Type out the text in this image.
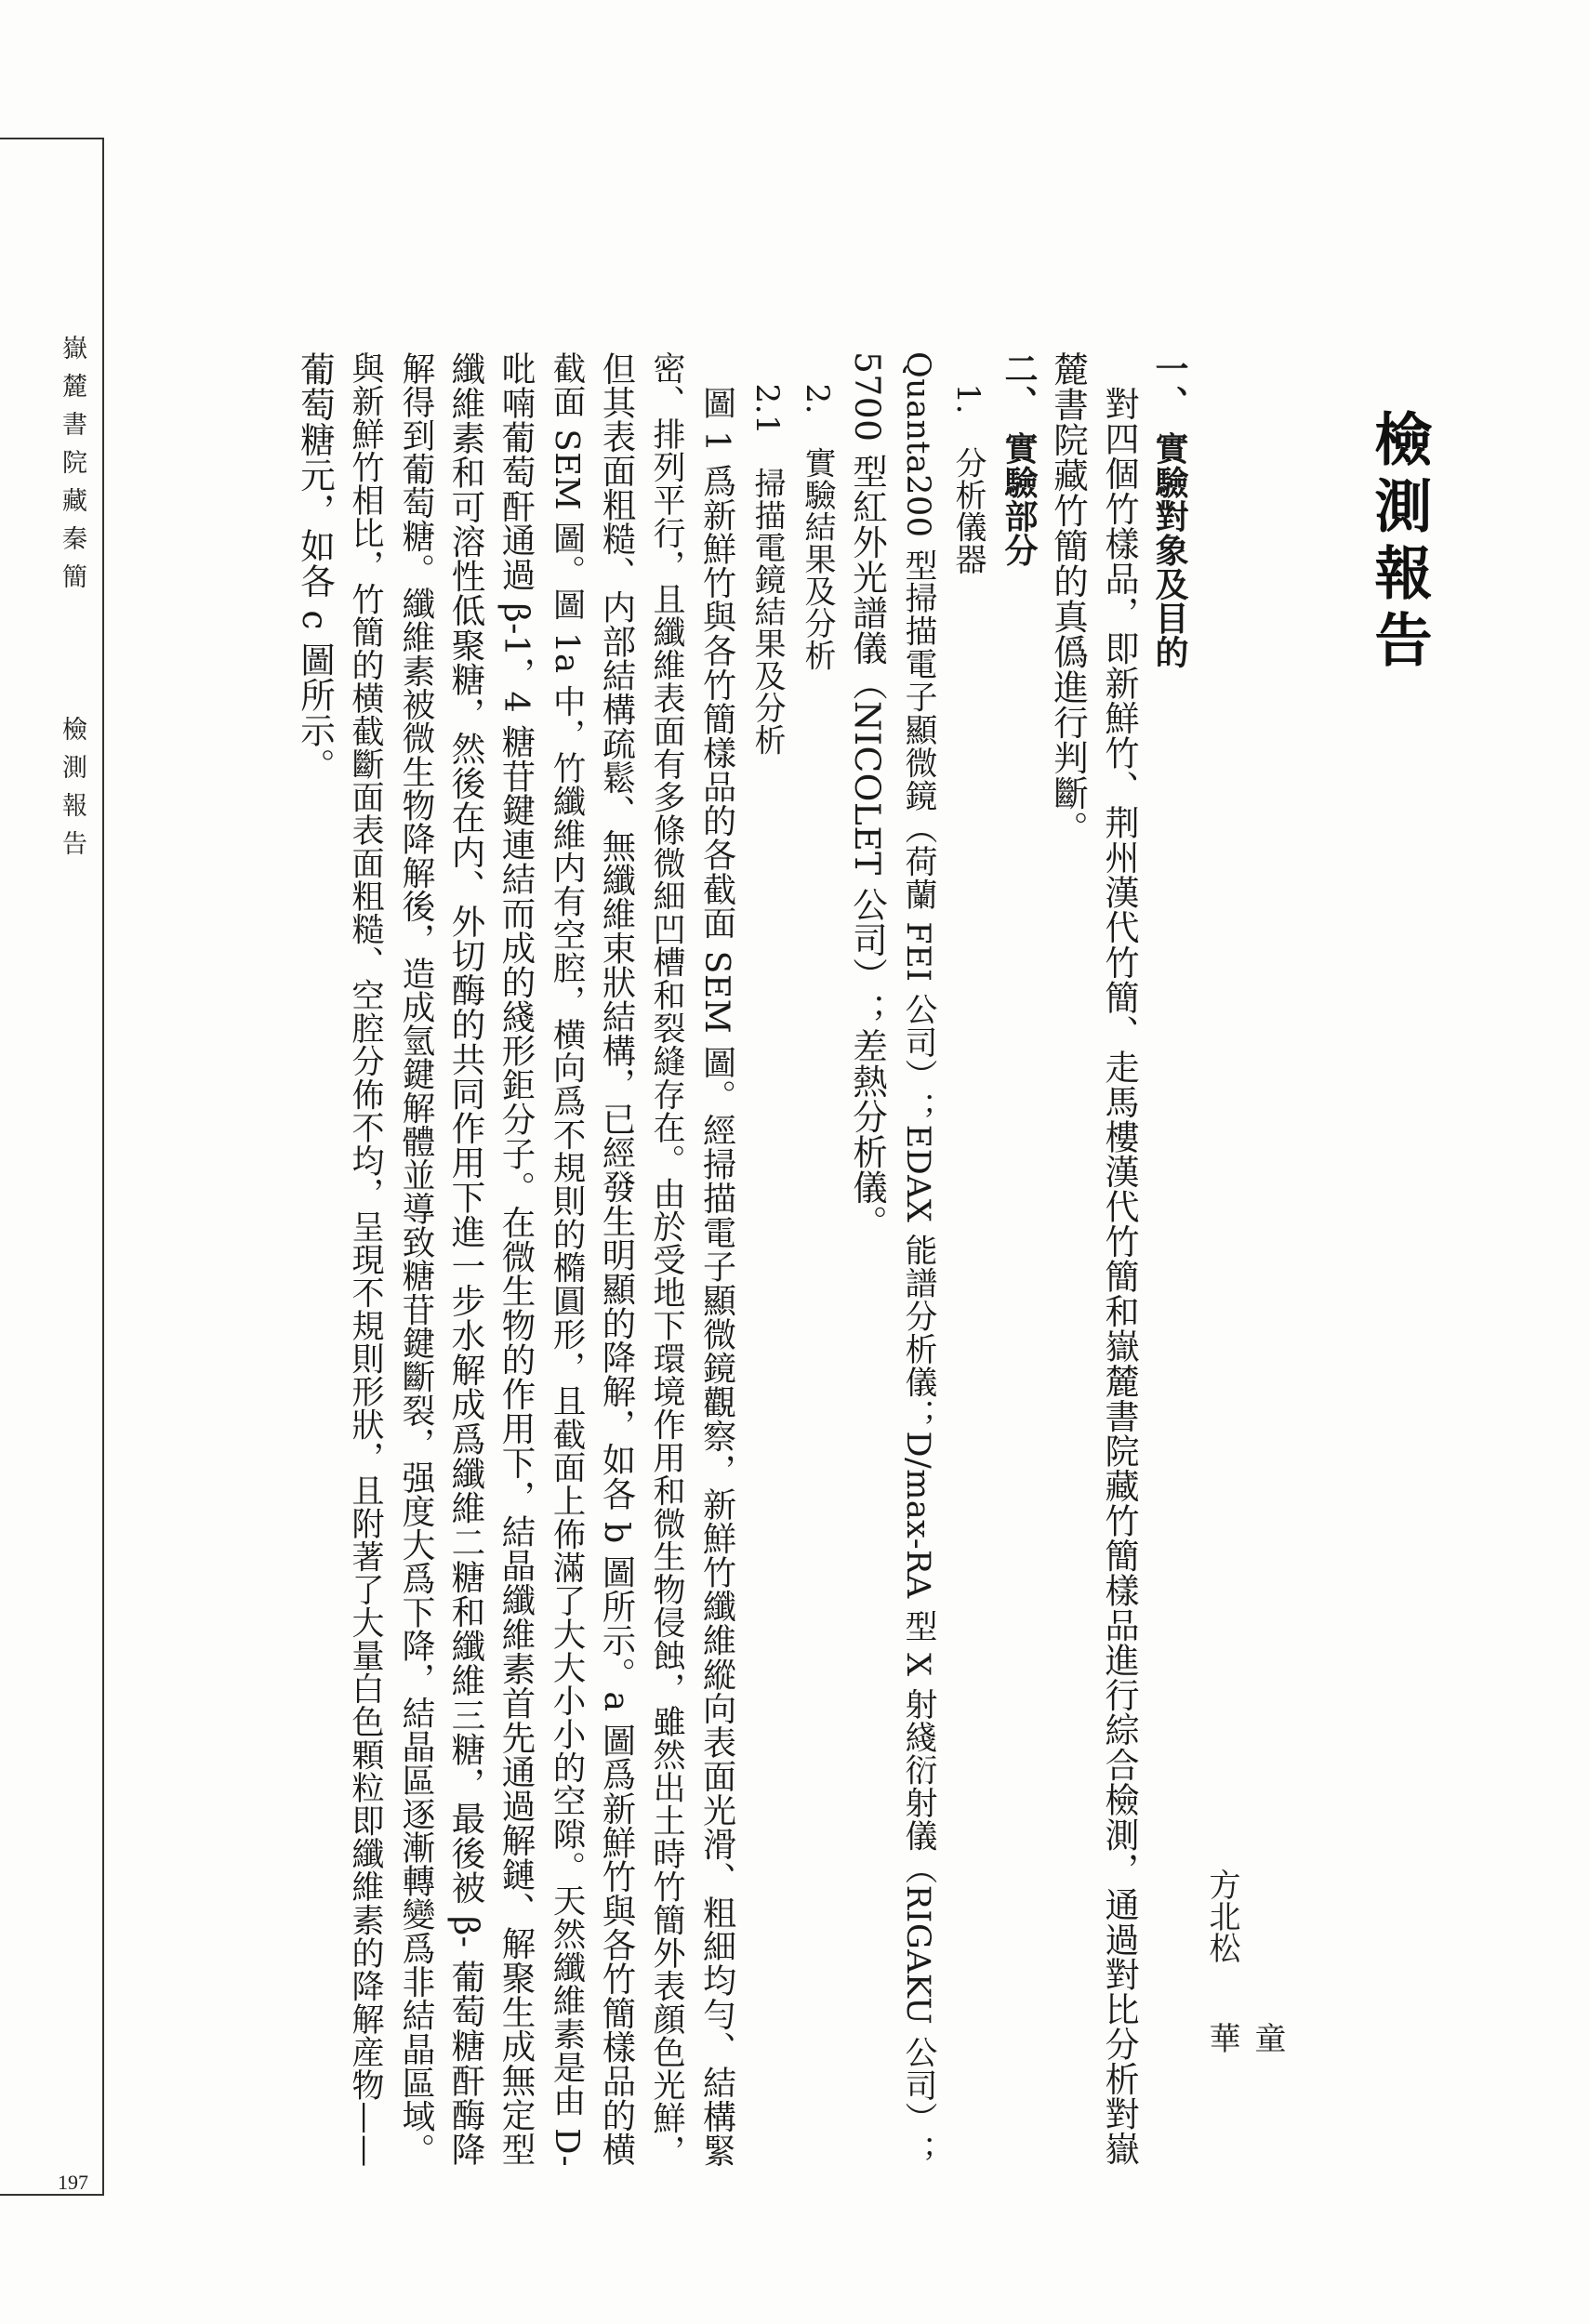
嶽麓書院藏秦簡
檢測報告
197
檢測報告
方北松
童　華
一、 實驗對象及目的
　對四個竹樣品，即新鮮竹、荆州漢代竹簡、走馬樓漢代竹簡和嶽麓書院藏竹簡樣品進行綜合檢測，通過對比分析對嶽
麓書院藏竹簡的真僞進行判斷。
二、 實驗部分
　1.　分析儀器
Quanta200 型掃描電子顯微鏡（荷蘭 FEI 公司）；EDAX 能譜分析儀；D/max-RA 型 X 射綫衍射儀（RIGAKU 公司）；
5700 型紅外光譜儀（NICOLET 公司）；差熱分析儀。
　2.　實驗結果及分析
　2.1　掃描電鏡結果及分析
　圖 1 爲新鮮竹與各竹簡樣品的各截面 SEM 圖。經掃描電子顯微鏡觀察，新鮮竹纖維縱向表面光滑、粗細均勻、結構緊
密、排列平行，且纖維表面有多條微細凹槽和裂縫存在。由於受地下環境作用和微生物侵蝕，雖然出土時竹簡外表顔色光鮮，
但其表面粗糙、内部結構疏鬆、無纖維束狀結構，已經發生明顯的降解，如各 b 圖所示。a 圖爲新鮮竹與各竹簡樣品的横
截面 SEM 圖。圖 1a 中，竹纖維内有空腔，横向爲不規則的橢圓形，且截面上佈滿了大大小小的空隙。天然纖維素是由 D-
吡喃葡萄酐通過 β-1，4 糖苷鍵連結而成的綫形鉅分子。在微生物的作用下，結晶纖維素首先通過解鏈、解聚生成無定型
纖維素和可溶性低聚糖，然後在内、外切酶的共同作用下進一步水解成爲纖維二糖和纖維三糖，最後被 β- 葡萄糖酐酶降
解得到葡萄糖。纖維素被微生物降解後，造成氫鍵解體並導致糖苷鍵斷裂，强度大爲下降，結晶區逐漸轉變爲非結晶區域。
與新鮮竹相比，竹簡的横截斷面表面粗糙、空腔分佈不均，呈現不規則形狀，且附著了大量白色顆粒即纖維素的降解産物——
葡萄糖元，如各 c 圖所示。
